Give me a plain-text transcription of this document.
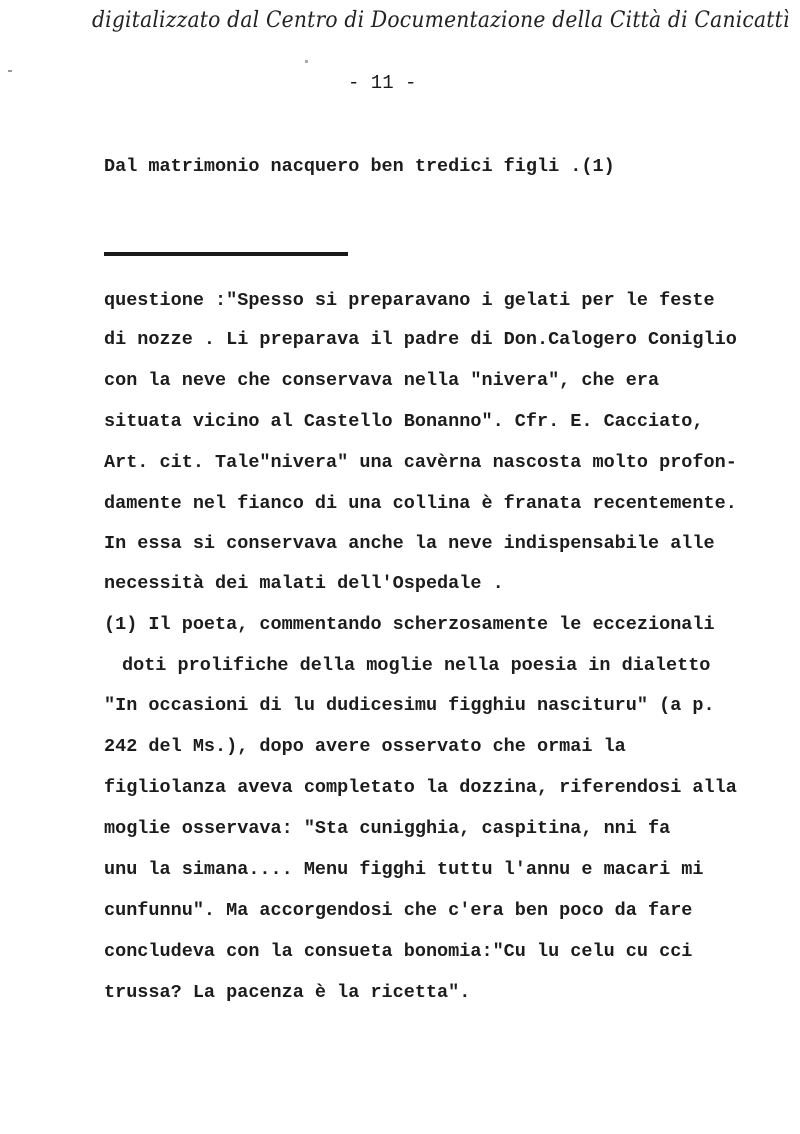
digitalizzato dal Centro di Documentazione della Città di Canicattì
- 11 -
Dal matrimonio nacquero ben tredici figli .(1)
questione :"Spesso si preparavano i gelati per le feste
di nozze . Li preparava il padre di Don.Calogero Coniglio
con la neve che conservava nella "nivera", che era
situata vicino al Castello Bonanno". Cfr. E. Cacciato,
Art. cit. Tale"nivera" una cavèrna nascosta molto profon-
damente nel fianco di una collina è franata recentemente.
In essa si conservava anche la neve indispensabile alle
necessità dei malati dell'Ospedale .
(1) Il poeta, commentando scherzosamente le eccezionali
doti prolifiche della moglie nella poesia in dialetto
"In occasioni di lu dudicesimu figghiu nascituru" (a p.
242 del Ms.), dopo avere osservato che ormai la
figliolanza aveva completato la dozzina, riferendosi alla
moglie osservava: "Sta cunigghia, caspitina, nni fa
unu la simana.... Menu figghi tuttu l'annu e macari mi
cunfunnu". Ma accorgendosi che c'era ben poco da fare
concludeva con la consueta bonomia:"Cu lu celu cu cci
trussa? La pacenza è la ricetta".
